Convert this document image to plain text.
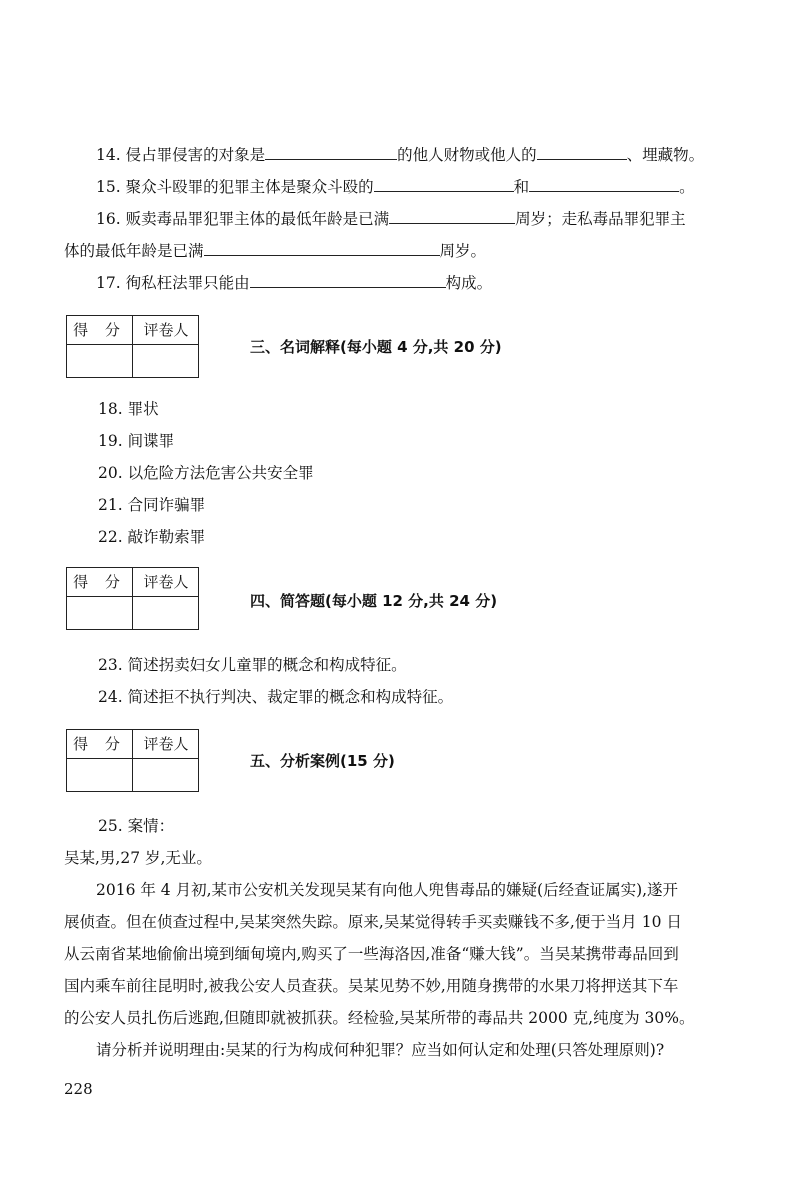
14. 侵占罪侵害的对象是	的他人财物或他人的	、埋藏物。
15. 聚众斗殴罪的犯罪主体是聚众斗殴的	和	。
16. 贩卖毒品罪犯罪主体的最低年龄是已满	周岁；走私毒品罪犯罪主
体的最低年龄是已满	周岁。
17. 徇私枉法罪只能由	构成。
得 分	评卷人
三、名词解释(每小题 4 分,共 20 分)
18. 罪状
19. 间谍罪
20. 以危险方法危害公共安全罪
21. 合同诈骗罪
22. 敲诈勒索罪
得 分	评卷人
四、简答题(每小题 12 分,共 24 分)
23. 简述拐卖妇女儿童罪的概念和构成特征。
24. 简述拒不执行判决、裁定罪的概念和构成特征。
得 分	评卷人
五、分析案例(15 分)
25. 案情：
吴某,男,27 岁,无业。
2016 年 4 月初,某市公安机关发现吴某有向他人兜售毒品的嫌疑(后经查证属实),遂开
展侦查。但在侦查过程中,吴某突然失踪。原来,吴某觉得转手买卖赚钱不多,便于当月 10 日
从云南省某地偷偷出境到缅甸境内,购买了一些海洛因,准备“赚大钱”。当吴某携带毒品回到
国内乘车前往昆明时,被我公安人员查获。吴某见势不妙,用随身携带的水果刀将押送其下车
的公安人员扎伤后逃跑,但随即就被抓获。经检验,吴某所带的毒品共 2000 克,纯度为 30%。
请分析并说明理由:吴某的行为构成何种犯罪？应当如何认定和处理(只答处理原则)?
228
